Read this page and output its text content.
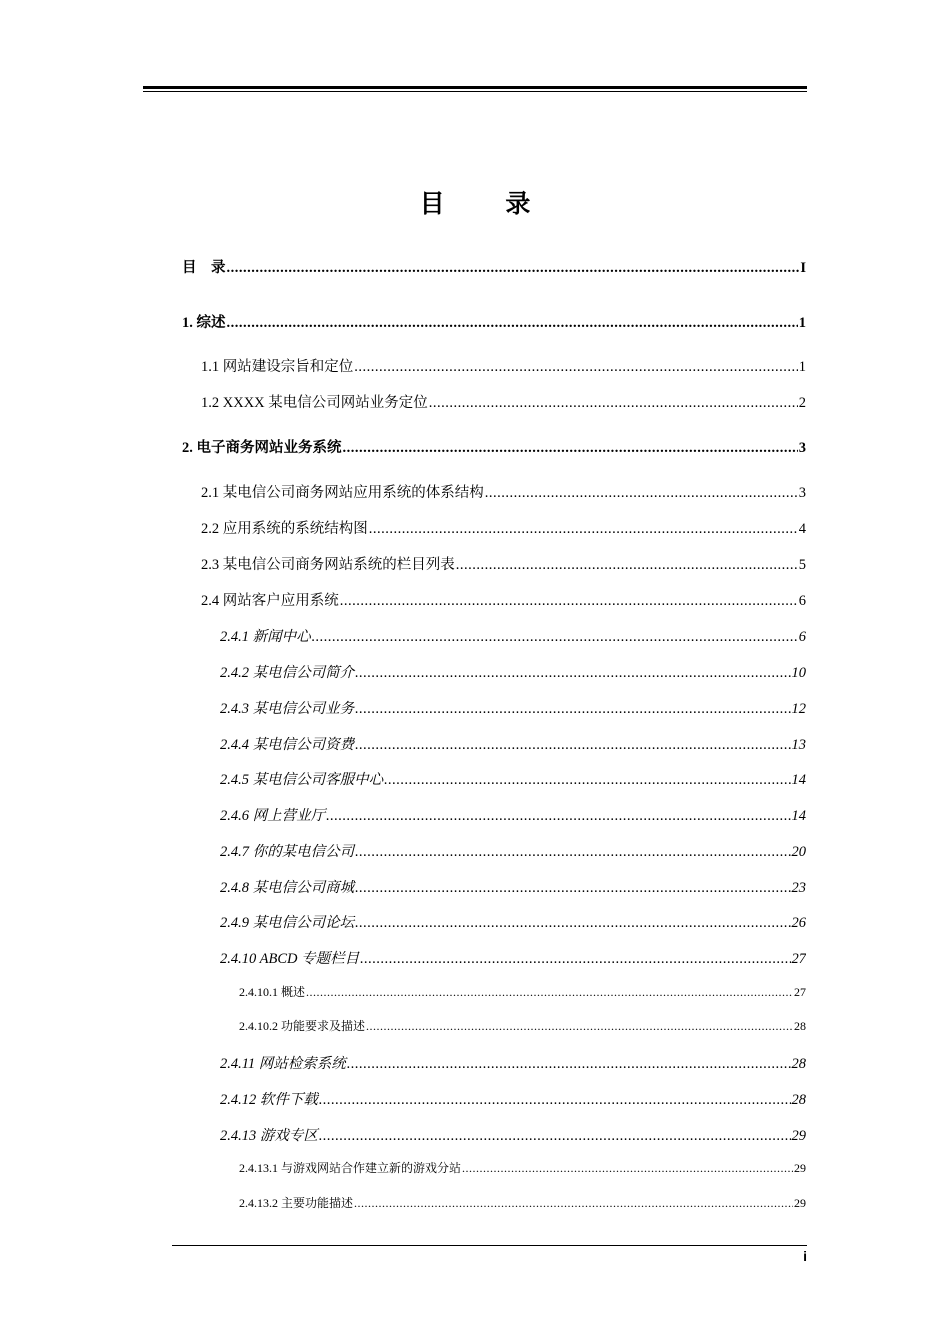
目 录
目　录 .....	I
1. 综述 .....	1
1.1 网站建设宗旨和定位 .....	1
1.2 XXXX 某电信公司网站业务定位 .....	2
2. 电子商务网站业务系统 .....	3
2.1 某电信公司商务网站应用系统的体系结构 .....	3
2.2 应用系统的系统结构图 .....	4
2.3 某电信公司商务网站系统的栏目列表 .....	5
2.4 网站客户应用系统 .....	6
2.4.1 新闻中心 .....	6
2.4.2 某电信公司简介 .....	10
2.4.3 某电信公司业务 .....	12
2.4.4 某电信公司资费 .....	13
2.4.5 某电信公司客服中心 .....	14
2.4.6 网上营业厅 .....	14
2.4.7 你的某电信公司 .....	20
2.4.8 某电信公司商城 .....	23
2.4.9 某电信公司论坛 .....	26
2.4.10 ABCD 专题栏目 .....	27
2.4.10.1 概述 .....	27
2.4.10.2 功能要求及描述 .....	28
2.4.11 网站检索系统 .....	28
2.4.12 软件下载 .....	28
2.4.13 游戏专区 .....	29
2.4.13.1 与游戏网站合作建立新的游戏分站 .....	29
2.4.13.2 主要功能描述 .....	29
i
